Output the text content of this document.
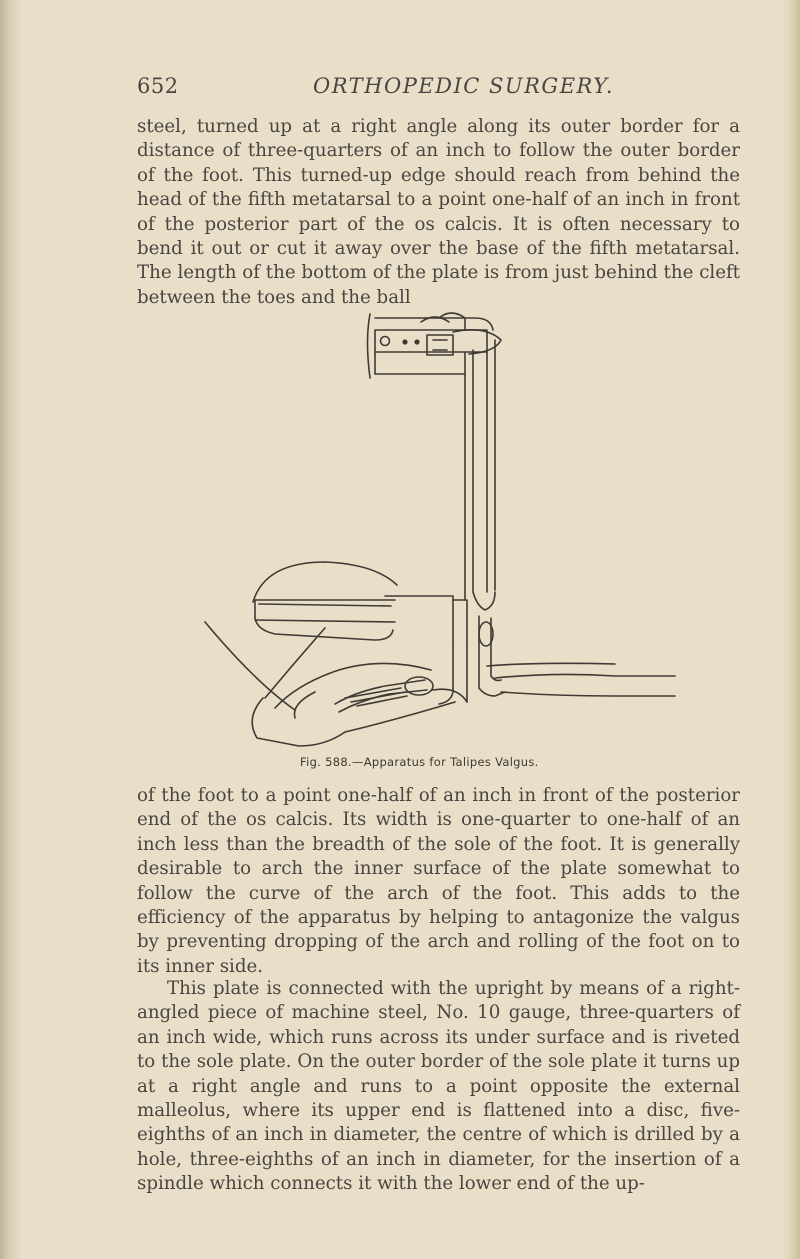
652	ORTHOPEDIC SURGERY.

steel, turned up at a right angle along its outer border for a distance of three-quarters of an inch to follow the outer border of the foot. This turned-up edge should reach from behind the head of the fifth metatarsal to a point one-half of an inch in front of the posterior part of the os calcis. It is often necessary to bend it out or cut it away over the base of the fifth metatarsal. The length of the bottom of the plate is from just behind the cleft between the toes and the ball

Fig. 588.—Apparatus for Talipes Valgus.

of the foot to a point one-half of an inch in front of the posterior end of the os calcis. Its width is one-quarter to one-half of an inch less than the breadth of the sole of the foot. It is generally desirable to arch the inner surface of the plate somewhat to follow the curve of the arch of the foot. This adds to the efficiency of the apparatus by helping to antagonize the valgus by preventing dropping of the arch and rolling of the foot on to its inner side.

This plate is connected with the upright by means of a right-angled piece of machine steel, No. 10 gauge, three-quarters of an inch wide, which runs across its under surface and is riveted to the sole plate. On the outer border of the sole plate it turns up at a right angle and runs to a point opposite the external malleolus, where its upper end is flattened into a disc, five-eighths of an inch in diameter, the centre of which is drilled by a hole, three-eighths of an inch in diameter, for the insertion of a spindle which connects it with the lower end of the up-
